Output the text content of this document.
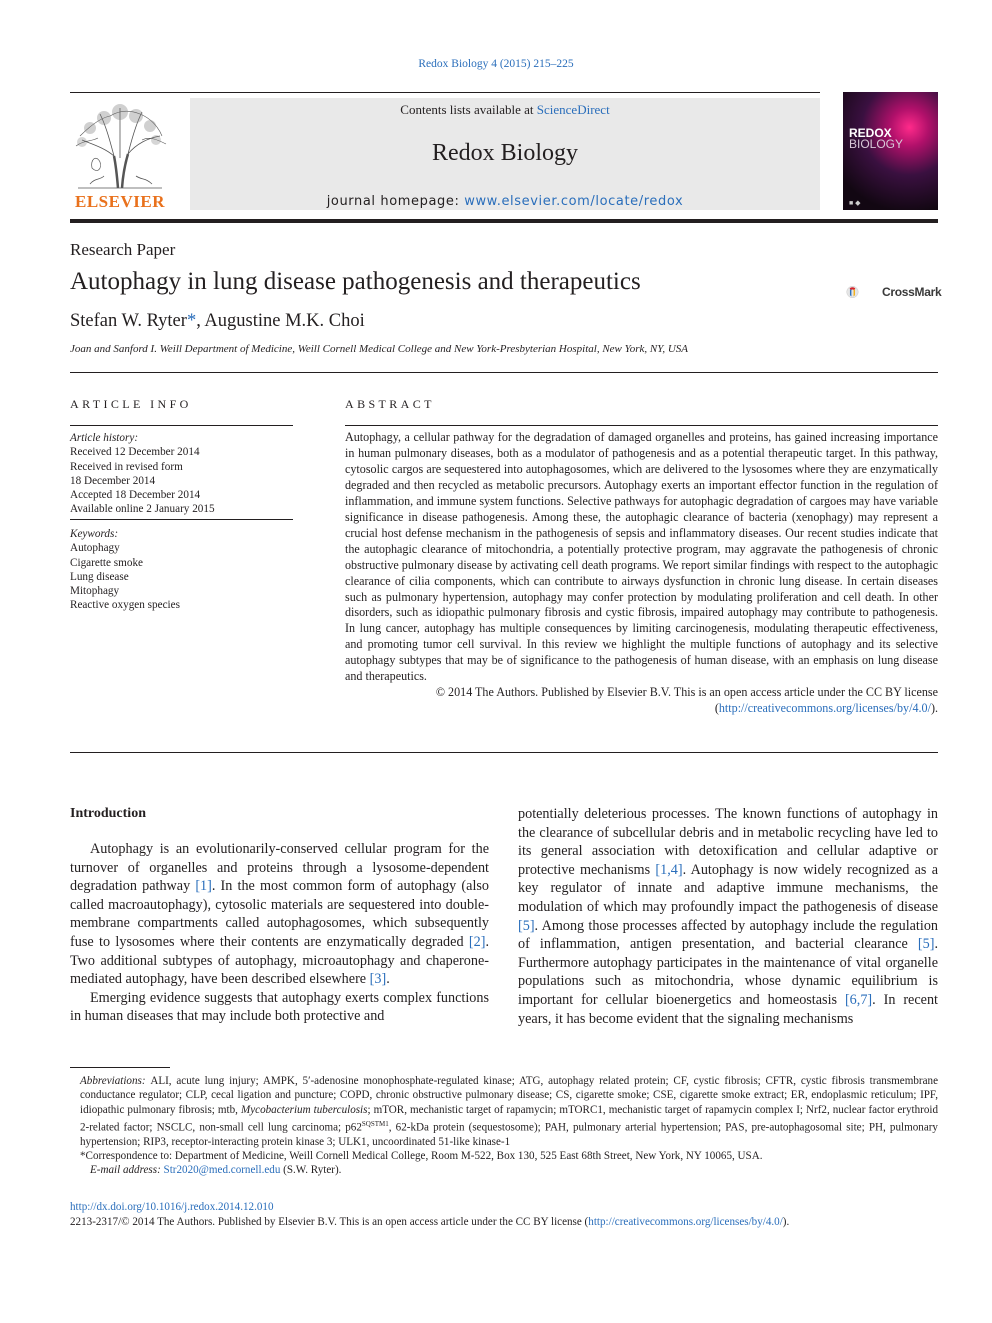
Redox Biology 4 (2015) 215–225
ELSEVIER
Contents lists available at ScienceDirect
Redox Biology
journal homepage: www.elsevier.com/locate/redox
REDOX
BIOLOGY
■ ◆
Research Paper
Autophagy in lung disease pathogenesis and therapeutics	CrossMark
Stefan W. Ryter*, Augustine M.K. Choi
Joan and Sanford I. Weill Department of Medicine, Weill Cornell Medical College and New York-Presbyterian Hospital, New York, NY, USA
ARTICLE INFO	ABSTRACT
Article history:
Received 12 December 2014
Received in revised form
18 December 2014
Accepted 18 December 2014
Available online 2 January 2015
Keywords:
Autophagy
Cigarette smoke
Lung disease
Mitophagy
Reactive oxygen species

Autophagy, a cellular pathway for the degradation of damaged organelles and proteins, has gained increasing importance in human pulmonary diseases, both as a modulator of pathogenesis and as a potential therapeutic target. In this pathway, cytosolic cargos are sequestered into autophagosomes, which are delivered to the lysosomes where they are enzymatically degraded and then recycled as metabolic precursors. Autophagy exerts an important effector function in the regulation of inflammation, and immune system functions. Selective pathways for autophagic degradation of cargoes may have variable significance in disease pathogenesis. Among these, the autophagic clearance of bacteria (xenophagy) may represent a crucial host defense mechanism in the pathogenesis of sepsis and inflammatory diseases. Our recent studies indicate that the autophagic clearance of mitochondria, a potentially protective program, may aggravate the pathogenesis of chronic obstructive pulmonary disease by activating cell death programs. We report similar findings with respect to the autophagic clearance of cilia components, which can contribute to airways dysfunction in chronic lung disease. In certain diseases such as pulmonary hypertension, autophagy may confer protection by modulating proliferation and cell death. In other disorders, such as idiopathic pulmonary fibrosis and cystic fibrosis, impaired autophagy may contribute to pathogenesis. In lung cancer, autophagy has multiple consequences by limiting carcinogenesis, modulating therapeutic effectiveness, and promoting tumor cell survival. In this review we highlight the multiple functions of autophagy and its selective autophagy subtypes that may be of significance to the pathogenesis of human disease, with an emphasis on lung disease and therapeutics.

© 2014 The Authors. Published by Elsevier B.V. This is an open access article under the CC BY license
(http://creativecommons.org/licenses/by/4.0/).

Introduction

Autophagy is an evolutionarily-conserved cellular program for the turnover of organelles and proteins through a lysosome-dependent degradation pathway [1]. In the most common form of autophagy (also called macroautophagy), cytosolic materials are sequestered into double-membrane compartments called autophagosomes, which subsequently fuse to lysosomes where their contents are enzymatically degraded [2]. Two additional subtypes of autophagy, microautophagy and chaperone-mediated autophagy, have been described elsewhere [3].

Emerging evidence suggests that autophagy exerts complex functions in human diseases that may include both protective and

potentially deleterious processes. The known functions of autophagy in the clearance of subcellular debris and in metabolic recycling have led to its general association with detoxification and cellular adaptive or protective mechanisms [1,4]. Autophagy is now widely recognized as a key regulator of innate and adaptive immune mechanisms, the modulation of which may profoundly impact the pathogenesis of disease [5]. Among those processes affected by autophagy include the regulation of inflammation, antigen presentation, and bacterial clearance [5]. Furthermore autophagy participates in the maintenance of vital organelle populations such as mitochondria, whose dynamic equilibrium is important for cellular bioenergetics and homeostasis [6,7]. In recent years, it has become evident that the signaling mechanisms

Abbreviations: ALI, acute lung injury; AMPK, 5′-adenosine monophosphate-regulated kinase; ATG, autophagy related protein; CF, cystic fibrosis; CFTR, cystic fibrosis transmembrane conductance regulator; CLP, cecal ligation and puncture; COPD, chronic obstructive pulmonary disease; CS, cigarette smoke; CSE, cigarette smoke extract; ER, endoplasmic reticulum; IPF, idiopathic pulmonary fibrosis; mtb, Mycobacterium tuberculosis; mTOR, mechanistic target of rapamycin; mTORC1, mechanistic target of rapamycin complex I; Nrf2, nuclear factor erythroid 2-related factor; NSCLC, non-small cell lung carcinoma; $p62^{SQSTM1}$, 62-kDa protein (sequestosome); PAH, pulmonary arterial hypertension; PAS, pre-autophagosomal site; PH, pulmonary hypertension; RIP3, receptor-interacting protein kinase 3; ULK1, uncoordinated 51-like kinase-1

*Correspondence to: Department of Medicine, Weill Cornell Medical College, Room M-522, Box 130, 525 East 68th Street, New York, NY 10065, USA.

E-mail address: Str2020@med.cornell.edu (S.W. Ryter).

http://dx.doi.org/10.1016/j.redox.2014.12.010

2213-2317/© 2014 The Authors. Published by Elsevier B.V. This is an open access article under the CC BY license (http://creativecommons.org/licenses/by/4.0/).
